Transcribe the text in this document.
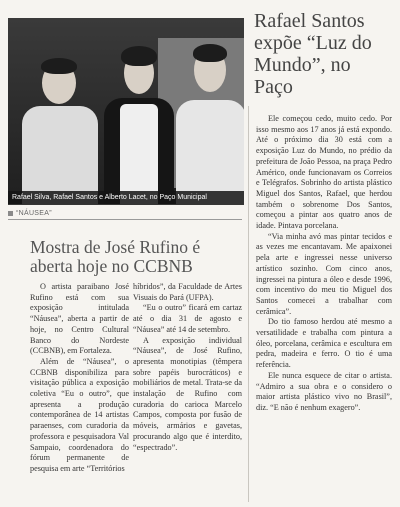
Rafael Silva, Rafael Santos e Alberto Lacet, no Paço Municipal
Rafael Santos expõe “Luz do Mundo”, no Paço

Ele começou cedo, muito cedo. Por isso mesmo aos 17 anos já está expondo. Até o próximo dia 30 está com a exposição Luz do Mundo, no prédio da prefeitura de João Pessoa, na praça Pedro Américo, onde funcionavam os Correios e Telégrafos. Sobrinho do artista plástico Miguel dos Santos, Rafael, que herdou também o sobrenome Dos Santos, começou a pintar aos quatro anos de idade. Pintava porcelana.

“Via minha avó mas pintar tecidos e as vezes me encantavam. Me apaixonei pela arte e ingressei nesse universo artístico sozinho. Com cinco anos, ingressei na pintura a óleo e desde 1996, com incentivo do meu tio Miguel dos Santos comecei a trabalhar com cerâmica”.

Do tio famoso herdou até mesmo a versatilidade e trabalha com pintura a óleo, porcelana, cerâmica e escultura em pedra, madeira e ferro. O tio é uma referência.

Ele nunca esquece de citar o artista. “Admiro a sua obra e o considero o maior artista plástico vivo no Brasil”, diz. “E não é nenhum exagero”.

“NÁUSEA”
Mostra de José Rufino é aberta hoje no CCBNB

O artista paraibano José Rufino está com sua exposição intitulada “Náusea”, aberta a partir de hoje, no Centro Cultural Banco do Nordeste (CCBNB), em Fortaleza.

Além de “Náusea”, o CCBNB disponibiliza para visitação pública a exposição coletiva “Eu o outro”, que apresenta a produção contemporânea de 14 artistas paraenses, com curadoria da professora e pesquisadora Val Sampaio, coordenadora do fórum permanente de pesquisa em arte “Territórios

híbridos”, da Faculdade de Artes Visuais do Pará (UFPA).

“Eu o outro” ficará em cartaz até o dia 31 de agosto e “Náusea” até 14 de setembro.

A exposição individual “Náusea”, de José Rufino, apresenta monotipias (têmpera sobre papéis burocráticos) e mobiliários de metal. Trata-se da instalação de Rufino com curadoria do carioca Marcelo Campos, composta por fusão de móveis, armários e gavetas, procurando algo que é interdito, “espectrado”.
